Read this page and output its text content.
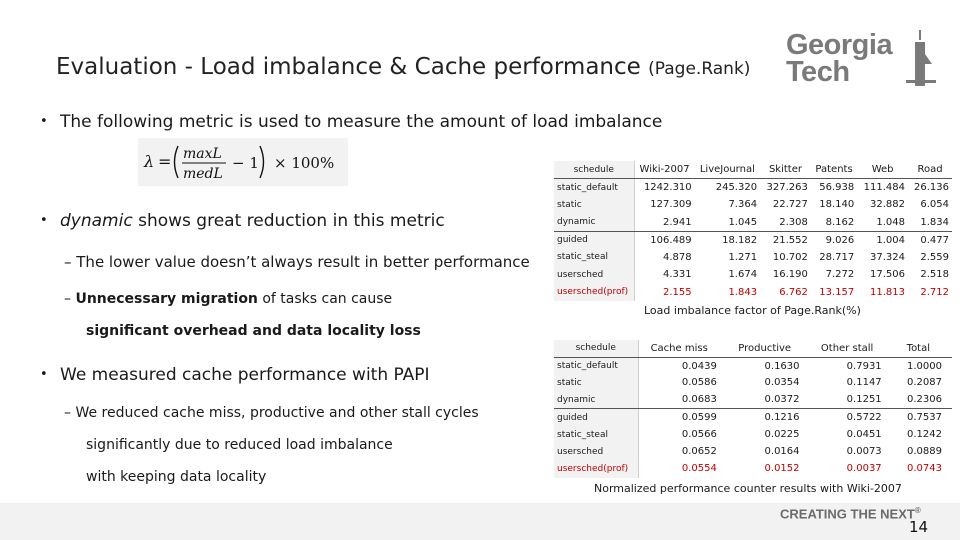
Evaluation - Load imbalance & Cache performance (Page.Rank)
Georgia
Tech
• The following metric is used to measure the amount of load imbalance
λ = maxL
medL
− 1 × 100%
• dynamic shows great reduction in this metric
– The lower value doesn’t always result in better performance
– Unnecessary migration of tasks can cause
significant overhead and data locality loss
• We measured cache performance with PAPI
– We reduced cache miss, productive and other stall cycles
significantly due to reduced load imbalance
with keeping data locality
schedule	Wiki-2007	LiveJournal	Skitter	Patents	Web	Road
static_default	1242.310	245.320	327.263	56.938	111.484	26.136
static	127.309	7.364	22.727	18.140	32.882	6.054
dynamic	2.941	1.045	2.308	8.162	1.048	1.834
guided	106.489	18.182	21.552	9.026	1.004	0.477
static_steal	4.878	1.271	10.702	28.717	37.324	2.559
usersched	4.331	1.674	16.190	7.272	17.506	2.518
usersched(prof)	2.155	1.843	6.762	13.157	11.813	2.712
Load imbalance factor of Page.Rank(%)
schedule	Cache miss	Productive	Other stall	Total
static_default	0.0439	0.1630	0.7931	1.0000
static	0.0586	0.0354	0.1147	0.2087
dynamic	0.0683	0.0372	0.1251	0.2306
guided	0.0599	0.1216	0.5722	0.7537
static_steal	0.0566	0.0225	0.0451	0.1242
usersched	0.0652	0.0164	0.0073	0.0889
usersched(prof)	0.0554	0.0152	0.0037	0.0743
Normalized performance counter results with Wiki-2007
CREATING THE NEXT®
14
